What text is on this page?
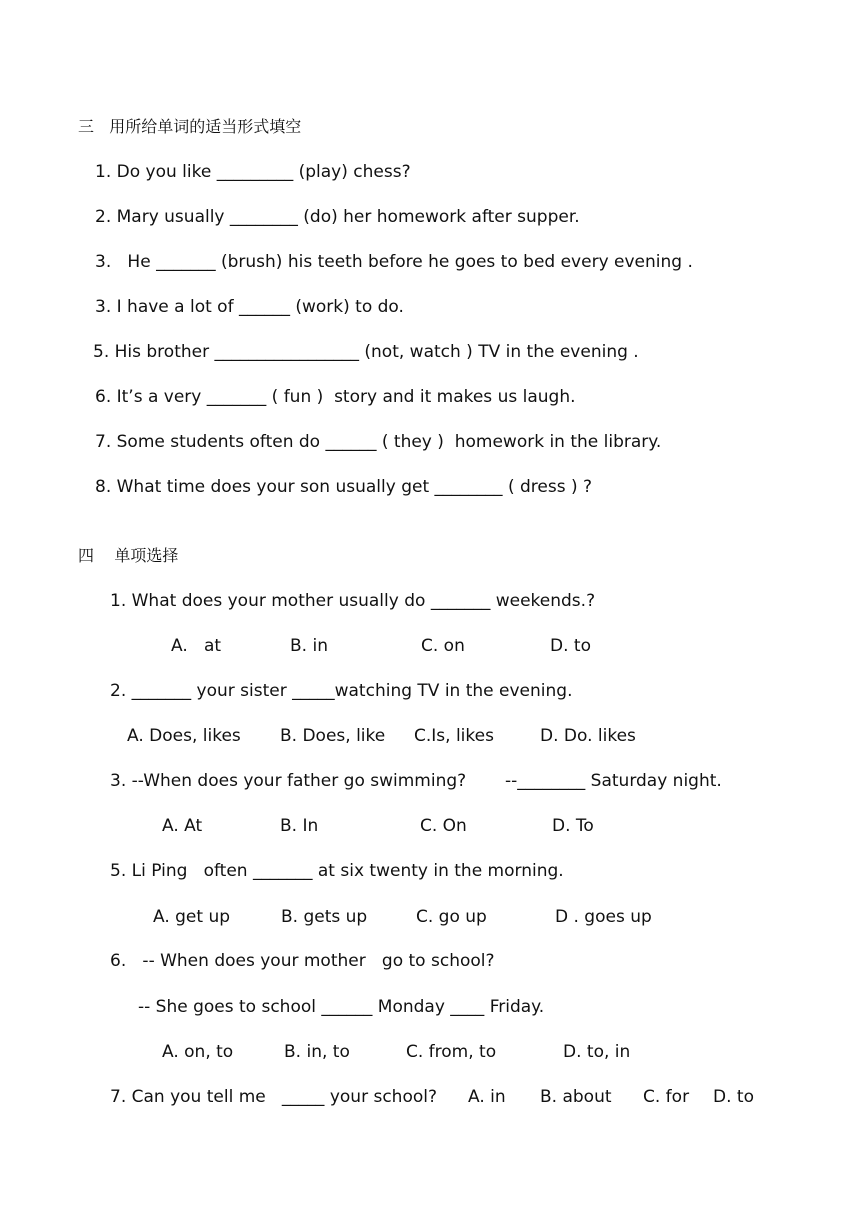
三   用所给单词的适当形式填空
1. Do you like _________ (play) chess?
2. Mary usually ________ (do) her homework after supper.
3.   He _______ (brush) his teeth before he goes to bed every evening .
3. I have a lot of ______ (work) to do.
5. His brother _________________ (not, watch ) TV in the evening .
6. It’s a very _______ ( fun )  story and it makes us laugh.
7. Some students often do ______ ( they )  homework in the library.
8. What time does your son usually get ________ ( dress ) ?
四    单项选择
1. What does your mother usually do _______ weekends.?
A.   at	B. in	C. on	D. to
2. _______ your sister _____watching TV in the evening.
A. Does, likes B. Does, like C.Is, likes	D. Do. likes
3. --When does your father go swimming? --________ Saturday night.
A. At	B. In	C. On	D. To
5. Li Ping   often _______ at six twenty in the morning.
A. get up	B. gets up	C. go up	D . goes up
6.   -- When does your mother   go to school?
-- She goes to school ______ Monday ____ Friday.
A. on, to	B. in, to	C. from, to	D. to, in
7. Can you tell me   _____ your school? A. in B. about C. for D. to
